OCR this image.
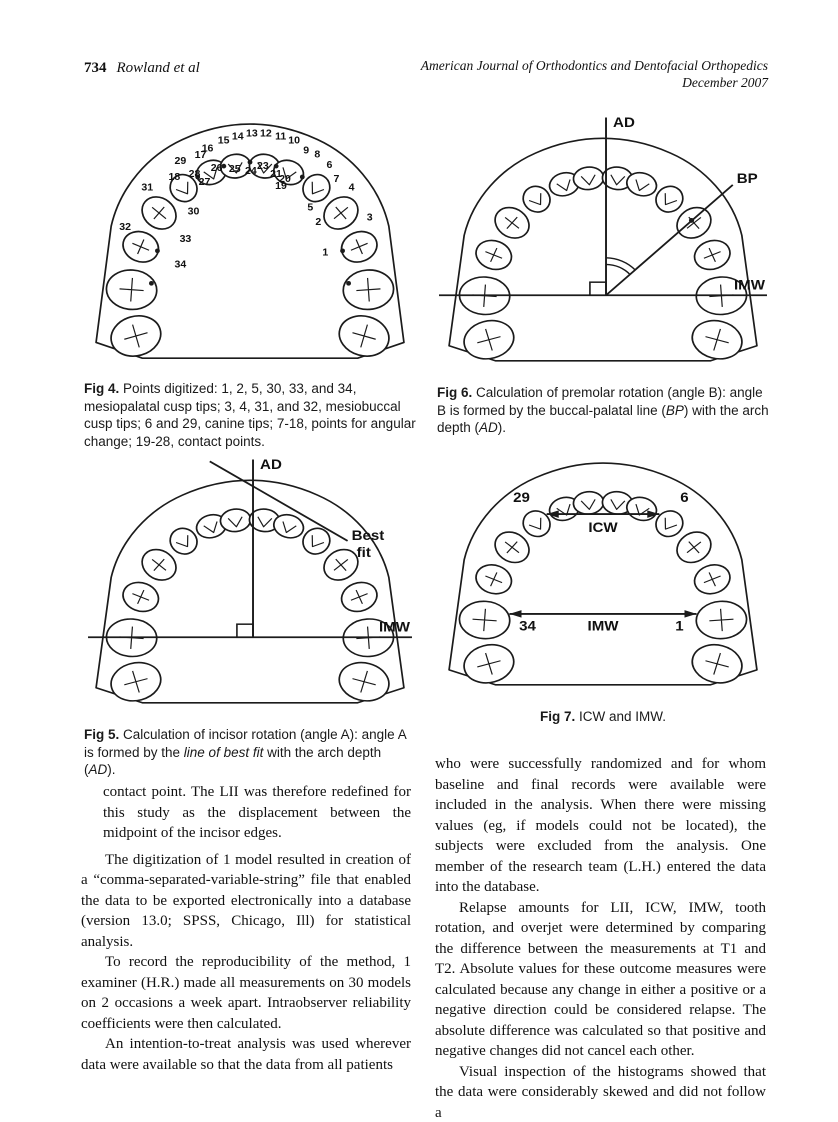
734 Rowland et al	American Journal of Orthodontics and Dentofacial Orthopedics
December 2007
15 14 13 12 11 10
16
17
29
18
31
30
32
33
34
9 8
6
7
4
5
2	3
1
28
27
26 25 24 23
21
20
19

Fig 4. Points digitized: 1, 2, 5, 30, 33, and 34, mesiopalatal cusp tips; 3, 4, 31, and 32, mesiobuccal cusp tips; 6 and 29, canine tips; 7-18, points for angular change; 19-28, contact points.

AD
BP
IMW

Fig 6. Calculation of premolar rotation (angle B): angle B is formed by the buccal-palatal line (BP) with the arch depth (AD).

AD
IMW
Best
fit

Fig 5. Calculation of incisor rotation (angle A): angle A is formed by the line of best fit with the arch depth (AD).

ICW
IMW
29	6
34	1

Fig 7. ICW and IMW.

contact point. The LII was therefore redefined for this study as the displacement between the midpoint of the incisor edges.

The digitization of 1 model resulted in creation of a “comma-separated-variable-string” file that enabled the data to be exported electronically into a database (version 13.0; SPSS, Chicago, Ill) for statistical analysis.

To record the reproducibility of the method, 1 examiner (H.R.) made all measurements on 30 models on 2 occasions a week apart. Intraobserver reliability coefficients were then calculated.

An intention-to-treat analysis was used wherever data were available so that the data from all patients

who were successfully randomized and for whom baseline and final records were available were included in the analysis. When there were missing values (eg, if models could not be located), the subjects were excluded from the analysis. One member of the research team (L.H.) entered the data into the database.

Relapse amounts for LII, ICW, IMW, tooth rotation, and overjet were determined by comparing the difference between the measurements at T1 and T2. Absolute values for these outcome measures were calculated because any change in either a positive or a negative direction could be considered relapse. The absolute difference was calculated so that positive and negative changes did not cancel each other.

Visual inspection of the histograms showed that the data were considerably skewed and did not follow a
